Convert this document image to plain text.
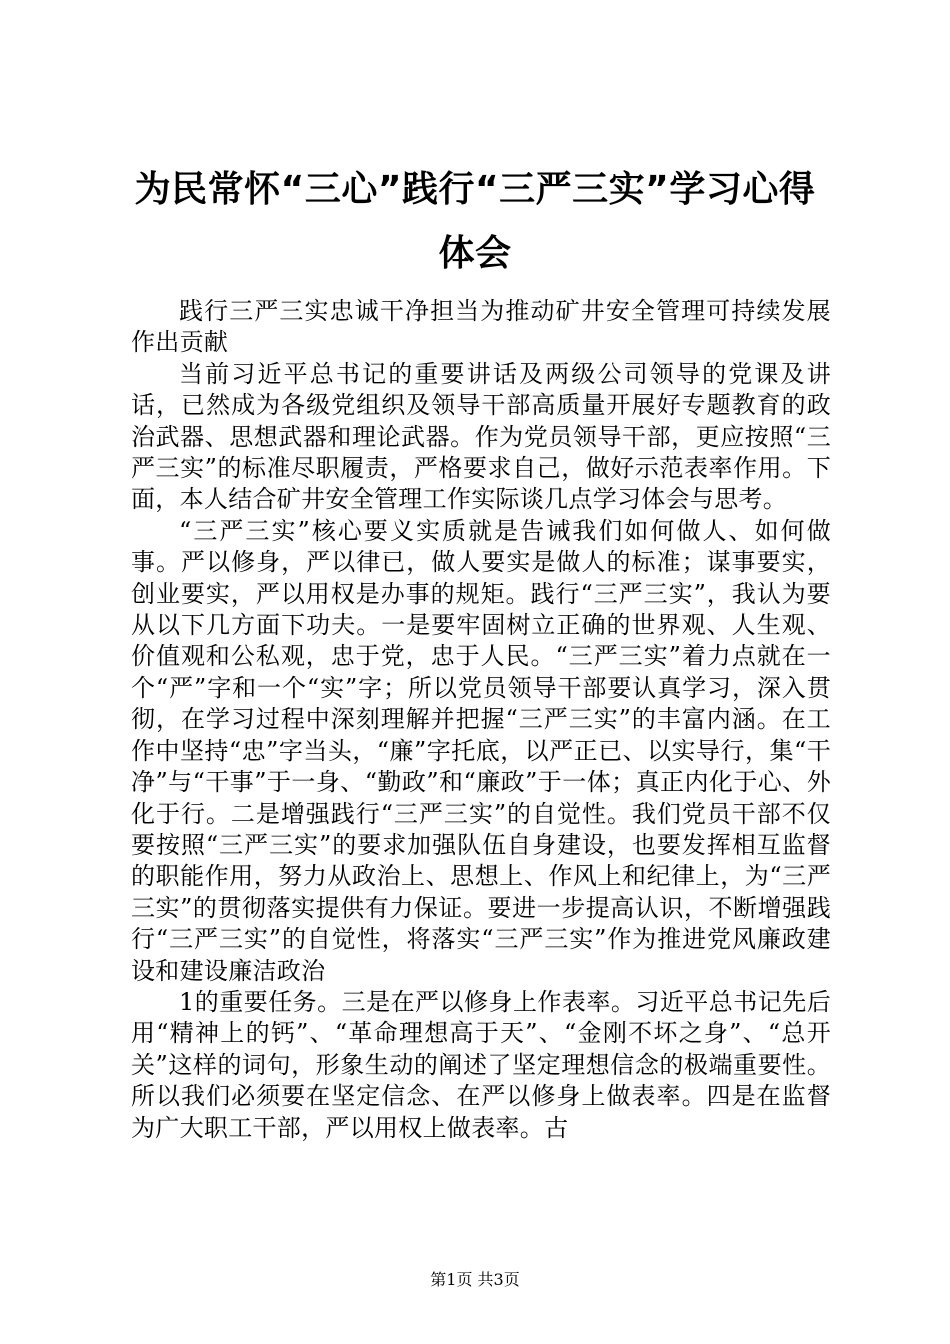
为民常怀“三心”践行“三严三实”学习心得体会

践行三严三实忠诚干净担当为推动矿井安全管理可持续发展作出贡献

当前习近平总书记的重要讲话及两级公司领导的党课及讲话，已然成为各级党组织及领导干部高质量开展好专题教育的政治武器、思想武器和理论武器。作为党员领导干部，更应按照“三严三实”的标准尽职履责，严格要求自己，做好示范表率作用。下面，本人结合矿井安全管理工作实际谈几点学习体会与思考。

“三严三实”核心要义实质就是告诫我们如何做人、如何做事。严以修身，严以律已，做人要实是做人的标准；谋事要实，创业要实，严以用权是办事的规矩。践行“三严三实”，我认为要从以下几方面下功夫。一是要牢固树立正确的世界观、人生观、价值观和公私观，忠于党，忠于人民。“三严三实”着力点就在一个“严”字和一个“实”字；所以党员领导干部要认真学习，深入贯彻，在学习过程中深刻理解并把握“三严三实”的丰富内涵。在工作中坚持“忠”字当头，“廉”字托底，以严正已、以实导行，集“干净”与“干事”于一身、“勤政”和“廉政”于一体；真正内化于心、外化于行。二是增强践行“三严三实”的自觉性。我们党员干部不仅要按照“三严三实”的要求加强队伍自身建设，也要发挥相互监督的职能作用，努力从政治上、思想上、作风上和纪律上，为“三严三实”的贯彻落实提供有力保证。要进一步提高认识，不断增强践行“三严三实”的自觉性，将落实“三严三实”作为推进党风廉政建设和建设廉洁政治

1的重要任务。三是在严以修身上作表率。习近平总书记先后用“精神上的钙”、“革命理想高于天”、“金刚不坏之身”、“总开关”这样的词句，形象生动的阐述了坚定理想信念的极端重要性。所以我们必须要在坚定信念、在严以修身上做表率。四是在监督为广大职工干部，严以用权上做表率。古

第1页 共3页
